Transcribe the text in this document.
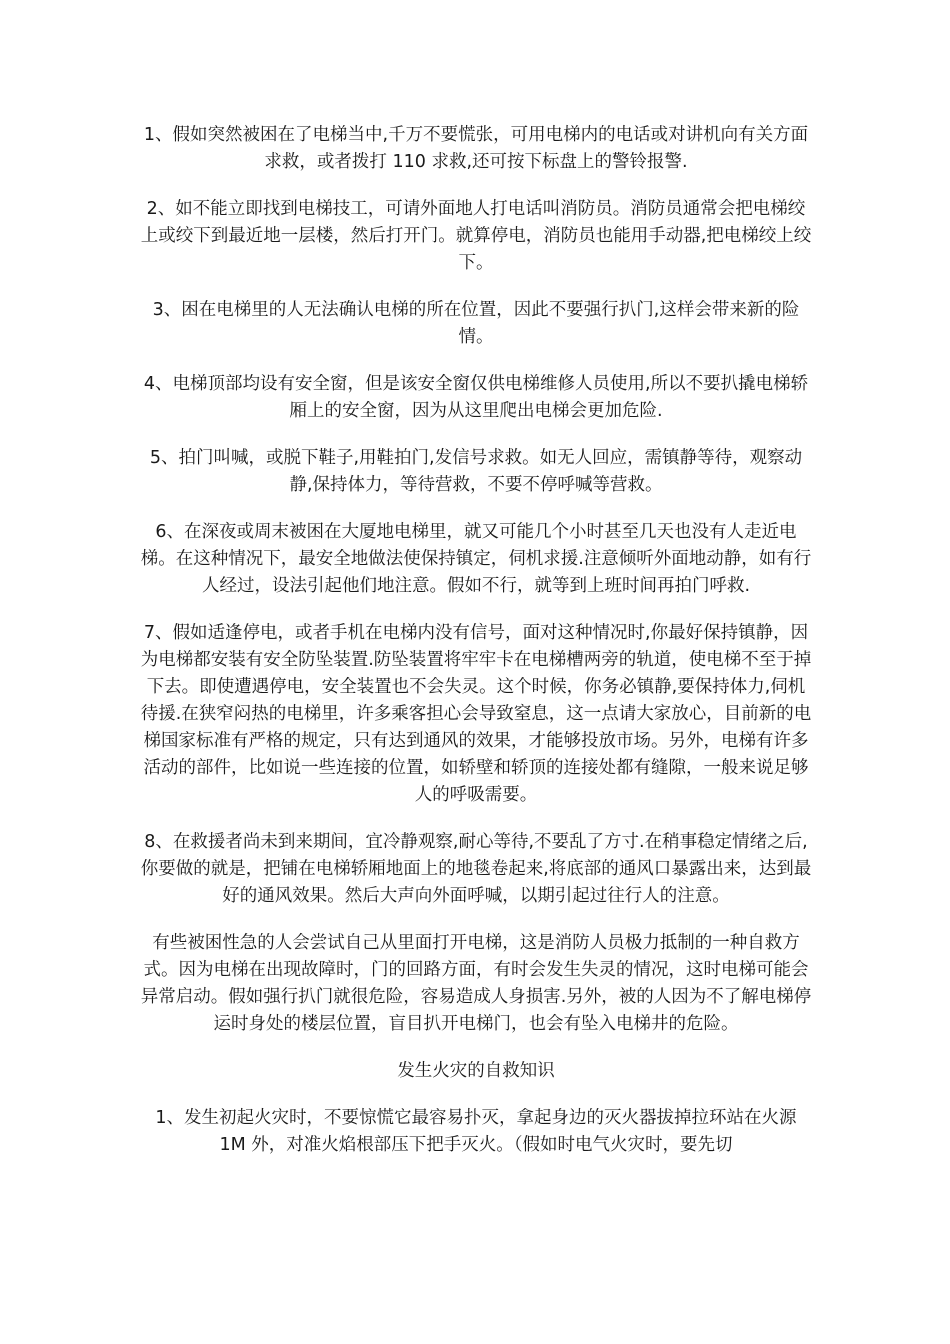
1、假如突然被困在了电梯当中,千万不要慌张，可用电梯内的电话或对讲机向有关方面求救，或者拨打 110 求救,还可按下标盘上的警铃报警.

2、如不能立即找到电梯技工，可请外面地人打电话叫消防员。消防员通常会把电梯绞上或绞下到最近地一层楼，然后打开门。就算停电，消防员也能用手动器,把电梯绞上绞下。

3、困在电梯里的人无法确认电梯的所在位置，因此不要强行扒门,这样会带来新的险情。

4、电梯顶部均设有安全窗，但是该安全窗仅供电梯维修人员使用,所以不要扒撬电梯轿厢上的安全窗，因为从这里爬出电梯会更加危险.

5、拍门叫喊，或脱下鞋子,用鞋拍门,发信号求救。如无人回应，需镇静等待，观察动静,保持体力，等待营救，不要不停呼喊等营救。

6、在深夜或周末被困在大厦地电梯里，就又可能几个小时甚至几天也没有人走近电梯。在这种情况下，最安全地做法使保持镇定，伺机求援.注意倾听外面地动静，如有行人经过，设法引起他们地注意。假如不行，就等到上班时间再拍门呼救.

7、假如适逢停电，或者手机在电梯内没有信号，面对这种情况时,你最好保持镇静，因为电梯都安装有安全防坠装置.防坠装置将牢牢卡在电梯槽两旁的轨道，使电梯不至于掉下去。即使遭遇停电，安全装置也不会失灵。这个时候，你务必镇静,要保持体力,伺机待援.在狭窄闷热的电梯里，许多乘客担心会导致窒息，这一点请大家放心，目前新的电梯国家标准有严格的规定，只有达到通风的效果，才能够投放市场。另外，电梯有许多活动的部件，比如说一些连接的位置，如轿壁和轿顶的连接处都有缝隙，一般来说足够人的呼吸需要。

8、在救援者尚未到来期间，宜冷静观察,耐心等待,不要乱了方寸.在稍事稳定情绪之后,你要做的就是，把铺在电梯轿厢地面上的地毯卷起来,将底部的通风口暴露出来，达到最好的通风效果。然后大声向外面呼喊，以期引起过往行人的注意。

有些被困性急的人会尝试自己从里面打开电梯，这是消防人员极力抵制的一种自救方式。因为电梯在出现故障时，门的回路方面，有时会发生失灵的情况，这时电梯可能会异常启动。假如强行扒门就很危险，容易造成人身损害.另外，被的人因为不了解电梯停运时身处的楼层位置，盲目扒开电梯门，也会有坠入电梯井的危险。

发生火灾的自救知识

1、发生初起火灾时，不要惊慌它最容易扑灭，拿起身边的灭火器拔掉拉环站在火源 1M 外，对准火焰根部压下把手灭火。（假如时电气火灾时，要先切
